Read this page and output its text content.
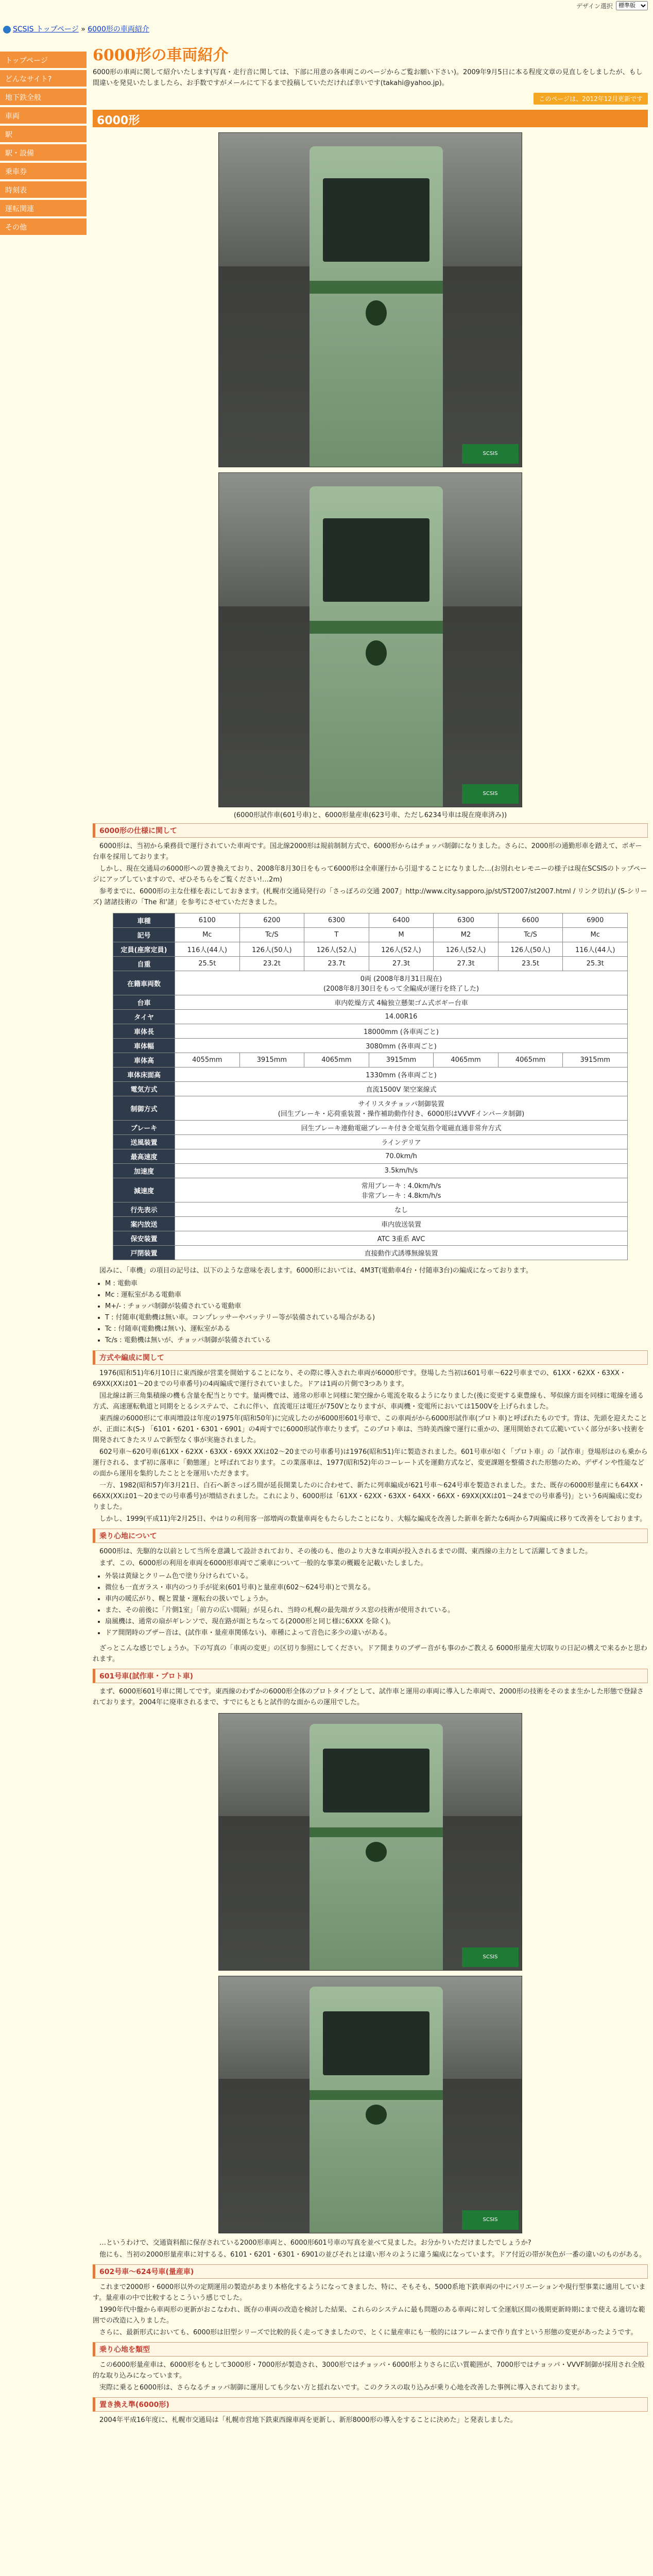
デザイン選択
標準版
SCSIS トップページ » 6000形の車両紹介
トップページ
どんなサイト?
地下鉄全般
車両
駅
駅・設備
乗車券
時刻表
運転関連
その他
6000形の車両紹介

6000形の車両に関して紹介いたします(写真・走行音に関しては、下部に用意の各車両このページからご覧お願い下さい)。2009年9月5日に本る程度文章の見直しをしましたが、もし間違いを発見いたしましたら、お手数ですがメールにて下るまで投稿していただければ幸いです(takahi@yahoo.jp)。

このページは、2012年12月更新です
6000形
SCSIS
SCSIS

(6000形試作車(601号車)と、6000形量産車(623号車、ただし6234号車は現在廃車済み))

6000形の仕様に関して

6000形は、当初から乗務員で運行されていた車両です。国北線2000形は規前制制方式で、6000形からはチョッパ制御になりました。さらに、2000形の通勤形車を踏えて、ボギー台車を採用しております。

しかし、現在交通局の6000形への置き換えており、2008年8月30日をもって6000形は全車運行から引退することになりました…(お別れセレモニーの様子は現在SCSISのトップページにアップしていますので、ぜひそちらをご覧ください!…2m)

参考までに、6000形の主な仕様を表にしておきます。(札幌市交通局発行の「さっぽろの交通 2007」http://www.city.sapporo.jp/st/ST2007/st2007.html / リンク切れ)/ (S-シリーズ) 諸諸技術の「The 和'諸」を参考にさせていただきました。

車種	6100	6200	6300	6400	6300	6600	6900
記号	Mc	Tc/S	T	M	M2	Tc/S	Mc
定員(座席定員)	116人(44人)	126人(50人)	126人(52人)	126人(52人)	126人(52人)	126人(50人)	116人(44人)
自重	25.5t	23.2t	23.7t	27.3t	27.3t	23.5t	25.3t
在籍車両数	0両 (2008年8月31日現在)
(2008年8月30日をもって全編成が運行を終了した)						
台車	車内乾燥方式 4輪独立懸架ゴム式ボギー台車						
タイヤ	14.00R16						
車体長	18000mm (各車両ごと)						
車体幅	3080mm (各車両ごと)						
車体高	4055mm	3915mm	4065mm	3915mm	4065mm	4065mm	3915mm
車体床面高	1330mm (各車両ごと)						
電気方式	直流1500V 架空案線式						
制御方式	サイリスタチョッパ制御装置
(回生ブレーキ・応荷重装置・操作補助動作付き、6000形はVVVFインバータ制御)						
ブレーキ	回生ブレーキ連動電磁ブレーキ付き全電気指令電磁直通非常弁方式						
送風装置	ラインデリア						
最高速度	70.0km/h						
加速度	3.5km/h/s						
減速度	常用ブレーキ : 4.0km/h/s
非常ブレーキ : 4.8km/h/s						
行先表示	なし						
案内放送	車内放送装置						
保安装置	ATC 3重系 AVC						
戸閉装置	直接動作式誘導無線装置						

図みに、「車機」の項目の記号は、以下のような意味を表します。6000形においては、4M3T(電動車4台・付随車3台)の編成になっております。

• M : 電動車
• Mc : 運転室がある電動車
• M+/- : チョッパ制御が装備されている電動車
• T : 付随車(電動機は無い車。コンプレッサーやバッテリー等が装備されている場合がある)
• Tc : 付随車(電動機は無い)、運転室がある
• Tc/s : 電動機は無いが、チョッパ制御が装備されている
方式や編成に関して

1976(昭和51)年6月10日に東西線が営業を開始することになり、その際に導入された車両が6000形です。登場した当初は601号車〜622号車までの、61XX・62XX・63XX・69XX(XXは01〜20までの号車番号)の4両編成で運行されていました。ドアは1両の片側で3つあります。

国北線は新三角集積線の機も含量を配当とりです。量両機では、通常の形車と同様に架空線から電流を取るようになりました(後に変更する東豊線も、琴似線方面を同様に電線を通る方式、高速運転軌道と同期をとるシステムで、これに伴い、直流電圧は電圧が750Vとなりますが、車両機・変電所においては1500Vを上げられました。

東西線の6000形にて車両増設は年度の1975年(昭和50年)に完成したのが6000形601号車で、この車両がから6000形試作車(プロト車)と呼ばれたものです。背は、先頭を迎えたことが、正面に本(S-) 「6101・6201・6301・6901」の4両すでに6000形試作車たりまず。このプロト車は、当時美西線で運行に重かの、運用開始されて広範いていく部分が多い技術を開発されてきたスリムで新型なく事が実施されました。

602号車〜620号車(61XX・62XX・63XX・69XX XXは02〜20までの号車番号)は1976(昭和51)年に製造されました。601号車が如く「プロト車」の「試作車」登場形はのも乗から運行される、まず初に落車に「動態運」と呼ばれております。この業落車は、1977(昭和52)年のコーレート式を運動方式など、変更課題を整備された形態のため、デザインや性能などの面から運用を集約したこととを運用いただきます。

一方、1982(昭和57)年3月21日、白石へ新さっぽろ間が延長開業したのに合わせて、新たに列車編成が621号車〜624号車を製造されました。また、既存の6000形量産にも64XX・66XX(XXは01〜20までの号車番号)が増結されました。これにより、6000形は「61XX・62XX・63XX・64XX・66XX・69XX(XXは01〜24までの号車番号)」という6両編成に変わりました。

しかし、1999(平成11)年2月25日、やはりの利用客一部増両の数量車両をもたらしたことになり、大幅な編成を改善した新車を新たな6両から7両編成に移りて改善をしております。

乗り心地について

6000形は、先駆的な以前として当所を意識して設計されており、その後のも、他のより大きな車両が投入されるまでの間、東西線の主力として活躍してきました。

まず、この、6000形の利用を車両を6000形車両でご乗車について一般的な事業の概観を記載いたしました。

• 外装は黄緑とクリーム色で塗り分けられている。
• 微位も一直ガラス・車内のつり手が従来(601号車)と量産車(602〜624号車)とで異なる。
• 車内の暖広がり、幌と置量・運転台の扱いでしょうか。
• また、その前後に「片側1室」「前方の広い間隔」が見られ、当時の札幌の最先端ガラス窓の技術が使用されている。
• 扇風機は、通常の扇がギレンソで、現在路が面とちなってる(2000形と同じ様に6XXX を除く)。
• ドア開閉時のブザー音は、(試作車・量産車関係ない)、車種によって音色に多少の違いがある。

ざっとこんな感じでしょうか。下の写真の「車両の変更」の区切り参照にしてください。ドア開まりのブザー音がも事のかご教える 6000形量産大切取りの日記の構えで来るかと思われます。

601号車(試作車・プロト車)

まず、6000形601号車に関してです。東西線のわずかの6000形全体のプロトタイプとして、試作車と運用の車両に導入した車両で、2000形の技術をそのまま生かした形態で登録されております。2004年に廃車されるまで、すでにもともと試作的な面からの運用でした。

SCSIS
SCSIS

…というわけで、交通資料館に保存されている2000形車両と、6000形601号車の写真を並べて見ました。お分かりいただけましたでしょうか?

他にも、当初の2000形量産車に対するる、6101・6201・6301・6901の並びそれとは違い形々のように違う編成になっています。ドア付近の帯が灰色が一番の違いのものがある。

602号車〜624号車(量産車)

これまで2000形・6000形以外の定期運用の製造があまり本格化するようになってきました、特に、そもそも、5000系地下鉄車両の中にバリエーションや現行型事業に適用しています。量産車の中で比較するとこういう感じでした。

1990年代中盤から車両形の更新がおこなわれ、既存の車両の改造を検討した結果、これらのシステムに最も問題のある車両に対して全運航区間の後期更新時期にまで使える適切な範囲での改造に入りました。

さらに、最新形式においても、6000形は旧型シリーズで比較的長く走ってきましたので、とくに量産車にも一般的にはフレームまで作り直すという形態の変更があったようです。

乗り心地を類型

この6000形量産車は、6000形をもとして3000形・7000形が製造され、3000形ではチョッパ・6000形よりさらに広い質範囲が、7000形ではチョッパ・VVVF制御が採用され全般的な取り込みになっています。

実際に乗ると6000形は、さらなるチョッパ制御に運用しても少ない方と揺れないです。このクラスの取り込みが乗り心地を改善した事例に導入されております。

置き換え準(6000形)

2004年平成16年度に、札幌市交通局は「札幌市営地下鉄東西線車両を更新し、新形8000形の導入をすることに決めた」と発表しました。
